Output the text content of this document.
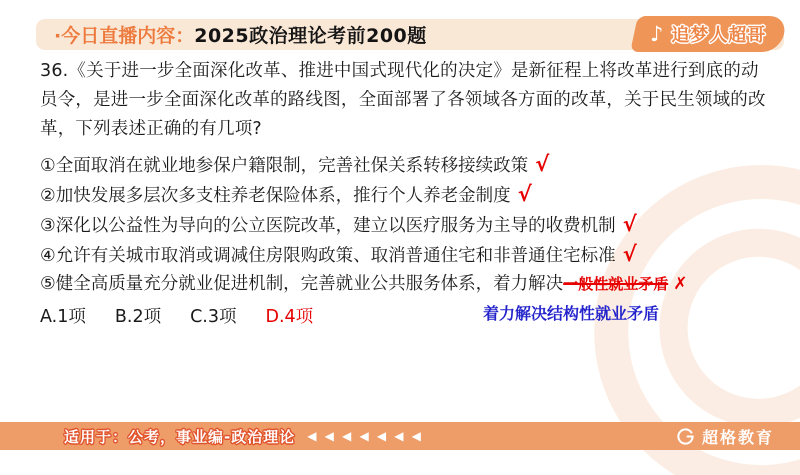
·今日直播内容： 2025政治理论考前200题	♪ 追梦人超哥

36.《关于进一步全面深化改革、推进中国式现代化的决定》是新征程上将改革进行到底的动员令，是进一步全面深化改革的路线图，全面部署了各领域各方面的改革，关于民生领域的改革，下列表述正确的有几项?

①全面取消在就业地参保户籍限制，完善社保关系转移接续政策 √
②加快发展多层次多支柱养老保险体系，推行个人养老金制度 √
③深化以公益性为导向的公立医院改革，建立以医疗服务为主导的收费机制 √
④允许有关城市取消或调减住房限购政策、取消普通住宅和非普通住宅标准 √
⑤健全高质量充分就业促进机制，完善就业公共服务体系，着力解决一般性就业矛盾 ✗
A.1项 B.2项 C.3项 D.4项	着力解决结构性就业矛盾
适用于：公考，事业编-政治理论 ◀ ◀ ◀ ◀ ◀ ◀ ◀	超格教育
